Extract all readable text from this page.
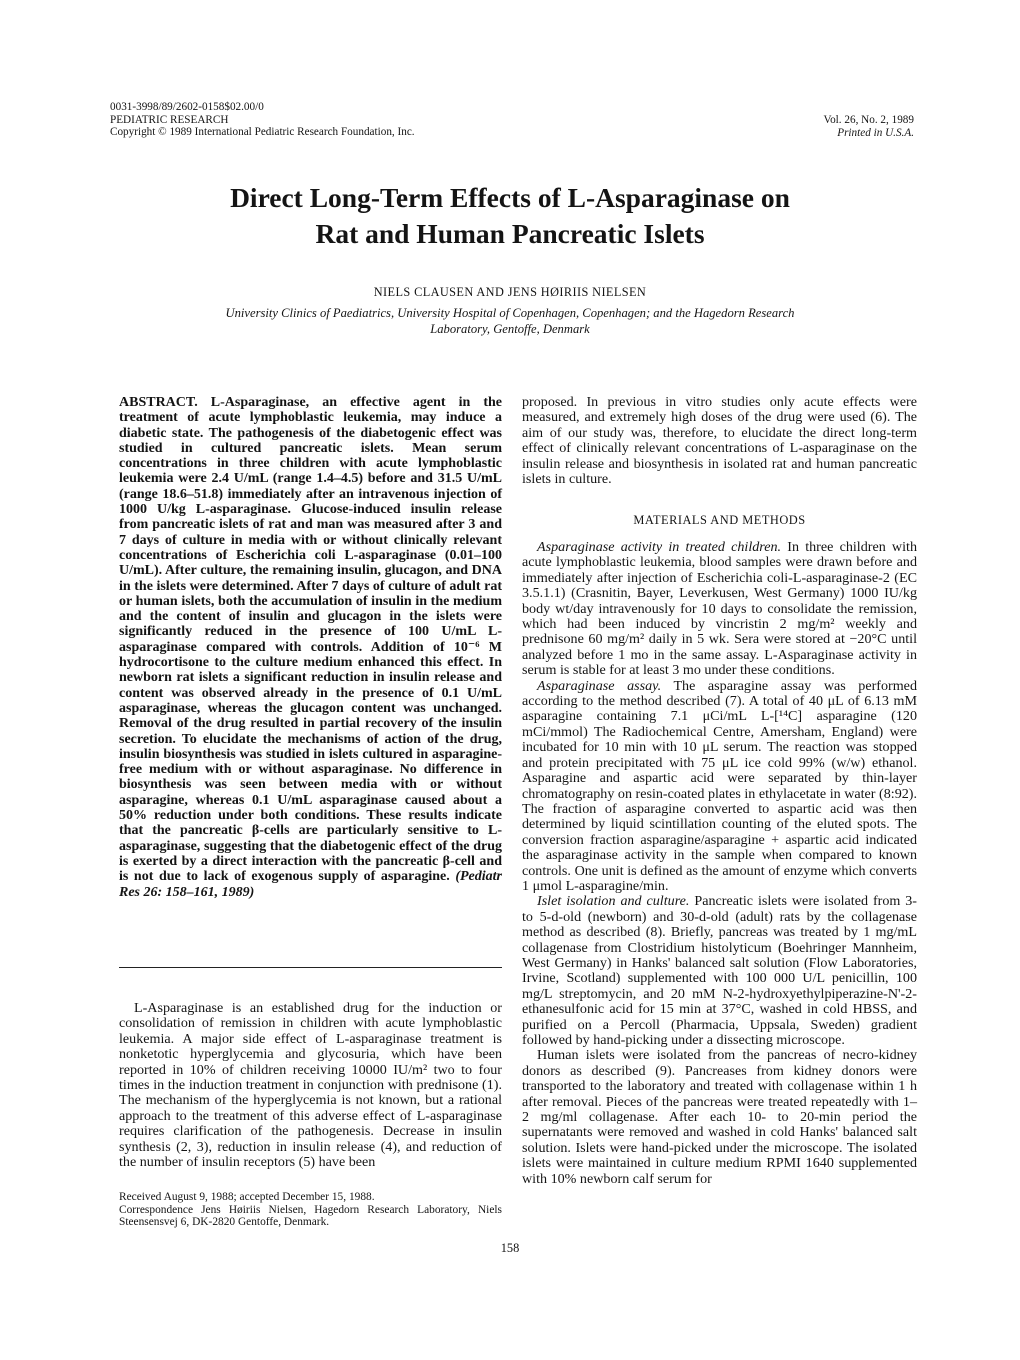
0031-3998/89/2602-0158$02.00/0
PEDIATRIC RESEARCH
Copyright © 1989 International Pediatric Research Foundation, Inc.
Vol. 26, No. 2, 1989
Printed in U.S.A.
Direct Long-Term Effects of L-Asparaginase on
Rat and Human Pancreatic Islets
NIELS CLAUSEN AND JENS HØIRIIS NIELSEN
University Clinics of Paediatrics, University Hospital of Copenhagen, Copenhagen; and the Hagedorn Research
Laboratory, Gentoffe, Denmark
ABSTRACT. L-Asparaginase, an effective agent in the treatment of acute lymphoblastic leukemia, may induce a diabetic state. The pathogenesis of the diabetogenic effect was studied in cultured pancreatic islets. Mean serum concentrations in three children with acute lymphoblastic leukemia were 2.4 U/mL (range 1.4–4.5) before and 31.5 U/mL (range 18.6–51.8) immediately after an intravenous injection of 1000 U/kg L-asparaginase. Glucose-induced insulin release from pancreatic islets of rat and man was measured after 3 and 7 days of culture in media with or without clinically relevant concentrations of Escherichia coli L-asparaginase (0.01–100 U/mL). After culture, the remaining insulin, glucagon, and DNA in the islets were determined. After 7 days of culture of adult rat or human islets, both the accumulation of insulin in the medium and the content of insulin and glucagon in the islets were significantly reduced in the presence of 100 U/mL L-asparaginase compared with controls. Addition of 10⁻⁶ M hydrocortisone to the culture medium enhanced this effect. In newborn rat islets a significant reduction in insulin release and content was observed already in the presence of 0.1 U/mL asparaginase, whereas the glucagon content was unchanged. Removal of the drug resulted in partial recovery of the insulin secretion. To elucidate the mechanisms of action of the drug, insulin biosynthesis was studied in islets cultured in asparagine-free medium with or without asparaginase. No difference in biosynthesis was seen between media with or without asparagine, whereas 0.1 U/mL asparaginase caused about a 50% reduction under both conditions. These results indicate that the pancreatic β-cells are particularly sensitive to L-asparaginase, suggesting that the diabetogenic effect of the drug is exerted by a direct interaction with the pancreatic β-cell and is not due to lack of exogenous supply of asparagine. (Pediatr Res 26: 158–161, 1989)

L-Asparaginase is an established drug for the induction or consolidation of remission in children with acute lymphoblastic leukemia. A major side effect of L-asparaginase treatment is nonketotic hyperglycemia and glycosuria, which have been reported in 10% of children receiving 10000 IU/m² two to four times in the induction treatment in conjunction with prednisone (1). The mechanism of the hyperglycemia is not known, but a rational approach to the treatment of this adverse effect of L-asparaginase requires clarification of the pathogenesis. Decrease in insulin synthesis (2, 3), reduction in insulin release (4), and reduction of the number of insulin receptors (5) have been

Received August 9, 1988; accepted December 15, 1988.

Correspondence Jens Høiriis Nielsen, Hagedorn Research Laboratory, Niels Steensensvej 6, DK-2820 Gentoffe, Denmark.

proposed. In previous in vitro studies only acute effects were measured, and extremely high doses of the drug were used (6). The aim of our study was, therefore, to elucidate the direct long-term effect of clinically relevant concentrations of L-asparaginase on the insulin release and biosynthesis in isolated rat and human pancreatic islets in culture.

MATERIALS AND METHODS

Asparaginase activity in treated children. In three children with acute lymphoblastic leukemia, blood samples were drawn before and immediately after injection of Escherichia coli-L-asparaginase-2 (EC 3.5.1.1) (Crasnitin, Bayer, Leverkusen, West Germany) 1000 IU/kg body wt/day intravenously for 10 days to consolidate the remission, which had been induced by vincristin 2 mg/m² weekly and prednisone 60 mg/m² daily in 5 wk. Sera were stored at −20°C until analyzed before 1 mo in the same assay. L-Asparaginase activity in serum is stable for at least 3 mo under these conditions.

Asparaginase assay. The asparagine assay was performed according to the method described (7). A total of 40 μL of 6.13 mM asparagine containing 7.1 μCi/mL L-[¹⁴C] asparagine (120 mCi/mmol) The Radiochemical Centre, Amersham, England) were incubated for 10 min with 10 μL serum. The reaction was stopped and protein precipitated with 75 μL ice cold 99% (w/w) ethanol. Asparagine and aspartic acid were separated by thin-layer chromatography on resin-coated plates in ethylacetate in water (8:92). The fraction of asparagine converted to aspartic acid was then determined by liquid scintillation counting of the eluted spots. The conversion fraction asparagine/asparagine + aspartic acid indicated the asparaginase activity in the sample when compared to known controls. One unit is defined as the amount of enzyme which converts 1 μmol L-asparagine/min.

Islet isolation and culture. Pancreatic islets were isolated from 3- to 5-d-old (newborn) and 30-d-old (adult) rats by the collagenase method as described (8). Briefly, pancreas was treated by 1 mg/mL collagenase from Clostridium histolyticum (Boehringer Mannheim, West Germany) in Hanks' balanced salt solution (Flow Laboratories, Irvine, Scotland) supplemented with 100 000 U/L penicillin, 100 mg/L streptomycin, and 20 mM N-2-hydroxyethylpiperazine-N'-2-ethanesulfonic acid for 15 min at 37°C, washed in cold HBSS, and purified on a Percoll (Pharmacia, Uppsala, Sweden) gradient followed by hand-picking under a dissecting microscope.

Human islets were isolated from the pancreas of necro-kidney donors as described (9). Pancreases from kidney donors were transported to the laboratory and treated with collagenase within 1 h after removal. Pieces of the pancreas were treated repeatedly with 1–2 mg/ml collagenase. After each 10- to 20-min period the supernatants were removed and washed in cold Hanks' balanced salt solution. Islets were hand-picked under the microscope. The isolated islets were maintained in culture medium RPMI 1640 supplemented with 10% newborn calf serum for

158
